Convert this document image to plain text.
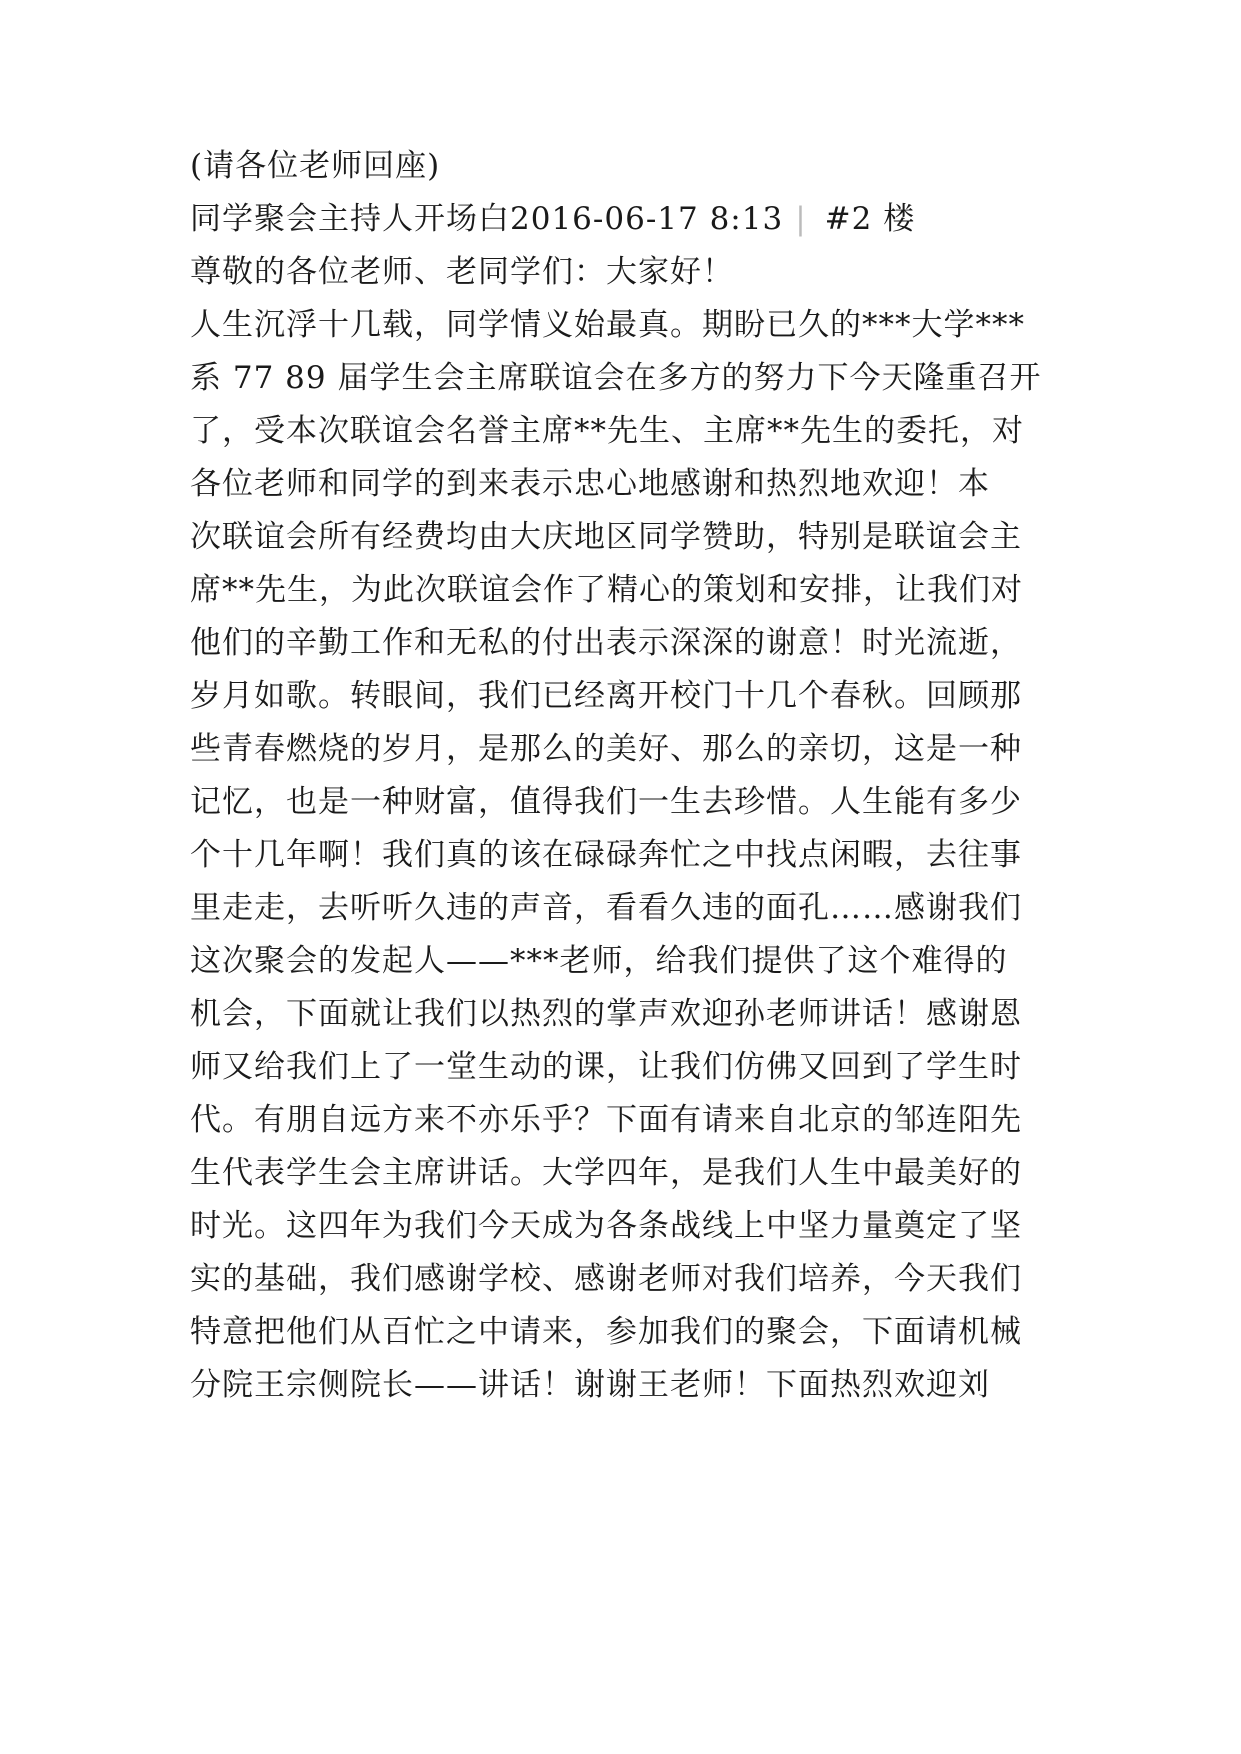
(请各位老师回座)
同学聚会主持人开场白2016-06-17 8:13 | #2 楼
尊敬的各位老师、老同学们：大家好！
人生沉浮十几载，同学情义始最真。期盼已久的***大学***
系 77 89 届学生会主席联谊会在多方的努力下今天隆重召开
了，受本次联谊会名誉主席**先生、主席**先生的委托，对
各位老师和同学的到来表示忠心地感谢和热烈地欢迎！本
次联谊会所有经费均由大庆地区同学赞助，特别是联谊会主
席**先生，为此次联谊会作了精心的策划和安排，让我们对
他们的辛勤工作和无私的付出表示深深的谢意！时光流逝，
岁月如歌。转眼间，我们已经离开校门十几个春秋。回顾那
些青春燃烧的岁月，是那么的美好、那么的亲切，这是一种
记忆，也是一种财富，值得我们一生去珍惜。人生能有多少
个十几年啊！我们真的该在碌碌奔忙之中找点闲暇，去往事
里走走，去听听久违的声音，看看久违的面孔……感谢我们
这次聚会的发起人——***老师，给我们提供了这个难得的
机会，下面就让我们以热烈的掌声欢迎孙老师讲话！感谢恩
师又给我们上了一堂生动的课，让我们仿佛又回到了学生时
代。有朋自远方来不亦乐乎？下面有请来自北京的邹连阳先
生代表学生会主席讲话。大学四年，是我们人生中最美好的
时光。这四年为我们今天成为各条战线上中坚力量奠定了坚
实的基础，我们感谢学校、感谢老师对我们培养，今天我们
特意把他们从百忙之中请来，参加我们的聚会，下面请机械
分院王宗侧院长——讲话！谢谢王老师！下面热烈欢迎刘
